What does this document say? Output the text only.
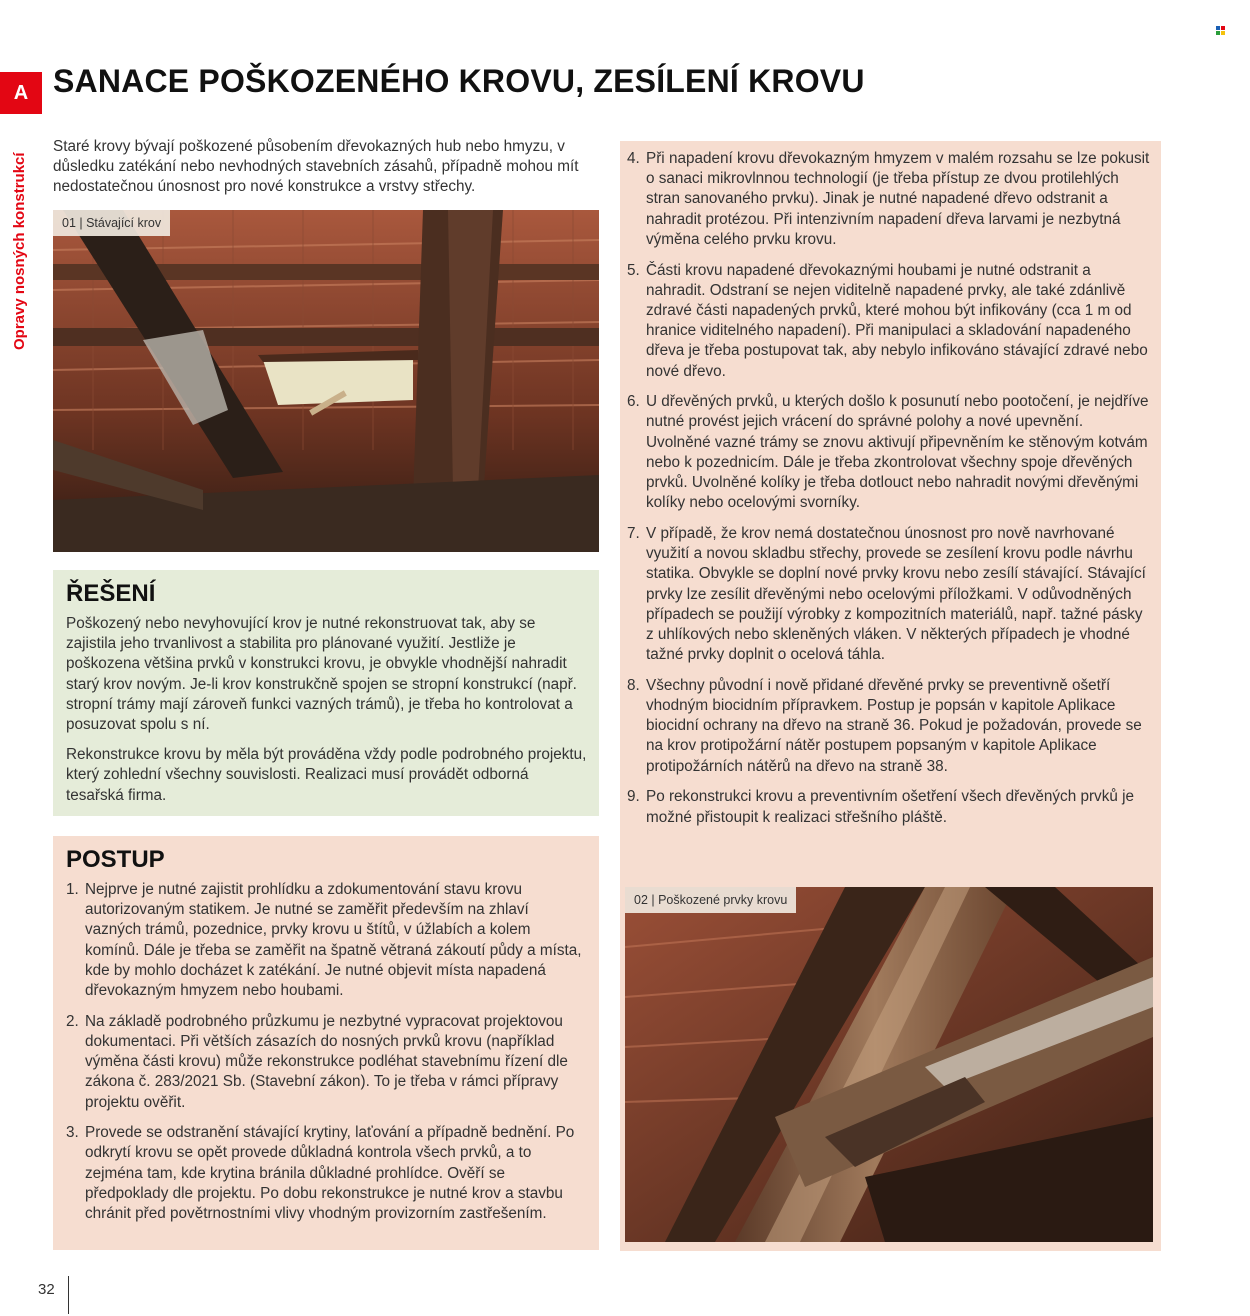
A
Opravy nosných konstrukcí
SANACE POŠKOZENÉHO KROVU, ZESÍLENÍ KROVU

Staré krovy bývají poškozené působením dřevokazných hub nebo hmyzu, v důsledku zatékání nebo nevhodných stavebních zásahů, případně mohou mít nedostatečnou únosnost pro nové konstrukce a vrstvy střechy.

01 | Stávající krov
ŘEŠENÍ

Poškozený nebo nevyhovující krov je nutné rekonstruovat tak, aby se zajistila jeho trvanlivost a stabilita pro plánované využití. Jestliže je poškozena většina prvků v konstrukci krovu, je obvykle vhodnější nahradit starý krov novým. Je-li krov konstrukčně spojen se stropní konstrukcí (např. stropní trámy mají zároveň funkci vazných trámů), je třeba ho kontrolovat a posuzovat spolu s ní.

Rekonstrukce krovu by měla být prováděna vždy podle podrobného projektu, který zohlední všechny souvislosti. Realizaci musí provádět odborná tesařská firma.

POSTUP
1. Nejprve je nutné zajistit prohlídku a zdokumentování stavu krovu autorizovaným statikem. Je nutné se zaměřit především na zhlaví vazných trámů, pozednice, prvky krovu u štítů, v úžlabích a kolem komínů. Dále je třeba se zaměřit na špatně větraná zákoutí půdy a místa, kde by mohlo docházet k zatékání. Je nutné objevit místa napadená dřevokazným hmyzem nebo houbami.
2. Na základě podrobného průzkumu je nezbytné vypracovat projektovou dokumentaci. Při větších zásazích do nosných prvků krovu (například výměna části krovu) může rekonstrukce podléhat stavebnímu řízení dle zákona č. 283/2021 Sb. (Stavební zákon). To je třeba v rámci přípravy projektu ověřit.
3. Provede se odstranění stávající krytiny, laťování a případně bednění. Po odkrytí krovu se opět provede důkladná kontrola všech prvků, a to zejména tam, kde krytina bránila důkladné prohlídce. Ověří se předpoklady dle projektu. Po dobu rekonstrukce je nutné krov a stavbu chránit před povětrnostními vlivy vhodným provizorním zastřešením.
4. Při napadení krovu dřevokazným hmyzem v malém rozsahu se lze pokusit o sanaci mikrovlnnou technologií (je třeba přístup ze dvou protilehlých stran sanovaného prvku). Jinak je nutné napadené dřevo odstranit a nahradit protézou. Při intenzivním napadení dřeva larvami je nezbytná výměna celého prvku krovu.
5. Části krovu napadené dřevokaznými houbami je nutné odstranit a nahradit. Odstraní se nejen viditelně napadené prvky, ale také zdánlivě zdravé části napadených prvků, které mohou být infikovány (cca 1 m od hranice viditelného napadení). Při manipulaci a skladování napadeného dřeva je třeba postupovat tak, aby nebylo infikováno stávající zdravé nebo nové dřevo.
6. U dřevěných prvků, u kterých došlo k posunutí nebo pootočení, je nejdříve nutné provést jejich vrácení do správné polohy a nové upevnění. Uvolněné vazné trámy se znovu aktivují připevněním ke stěnovým kotvám nebo k pozednicím. Dále je třeba zkontrolovat všechny spoje dřevěných prvků. Uvolněné kolíky je třeba dotlouct nebo nahradit novými dřevěnými kolíky nebo ocelovými svorníky.
7. V případě, že krov nemá dostatečnou únosnost pro nově navrhované využití a novou skladbu střechy, provede se zesílení krovu podle návrhu statika. Obvykle se doplní nové prvky krovu nebo zesílí stávající. Stávající prvky lze zesílit dřevěnými nebo ocelovými příložkami. V odůvodněných případech se použijí výrobky z kompozitních materiálů, např. tažné pásky z uhlíkových nebo skleněných vláken. V některých případech je vhodné tažné prvky doplnit o ocelová táhla.
8. Všechny původní i nově přidané dřevěné prvky se preventivně ošetří vhodným biocidním přípravkem. Postup je popsán v kapitole Aplikace biocidní ochrany na dřevo na straně 36. Pokud je požadován, provede se na krov protipožární nátěr postupem popsaným v kapitole Aplikace protipožárních nátěrů na dřevo na straně 38.
9. Po rekonstrukci krovu a preventivním ošetření všech dřevěných prvků je možné přistoupit k realizaci střešního pláště.
02 | Poškozené prvky krovu
32
